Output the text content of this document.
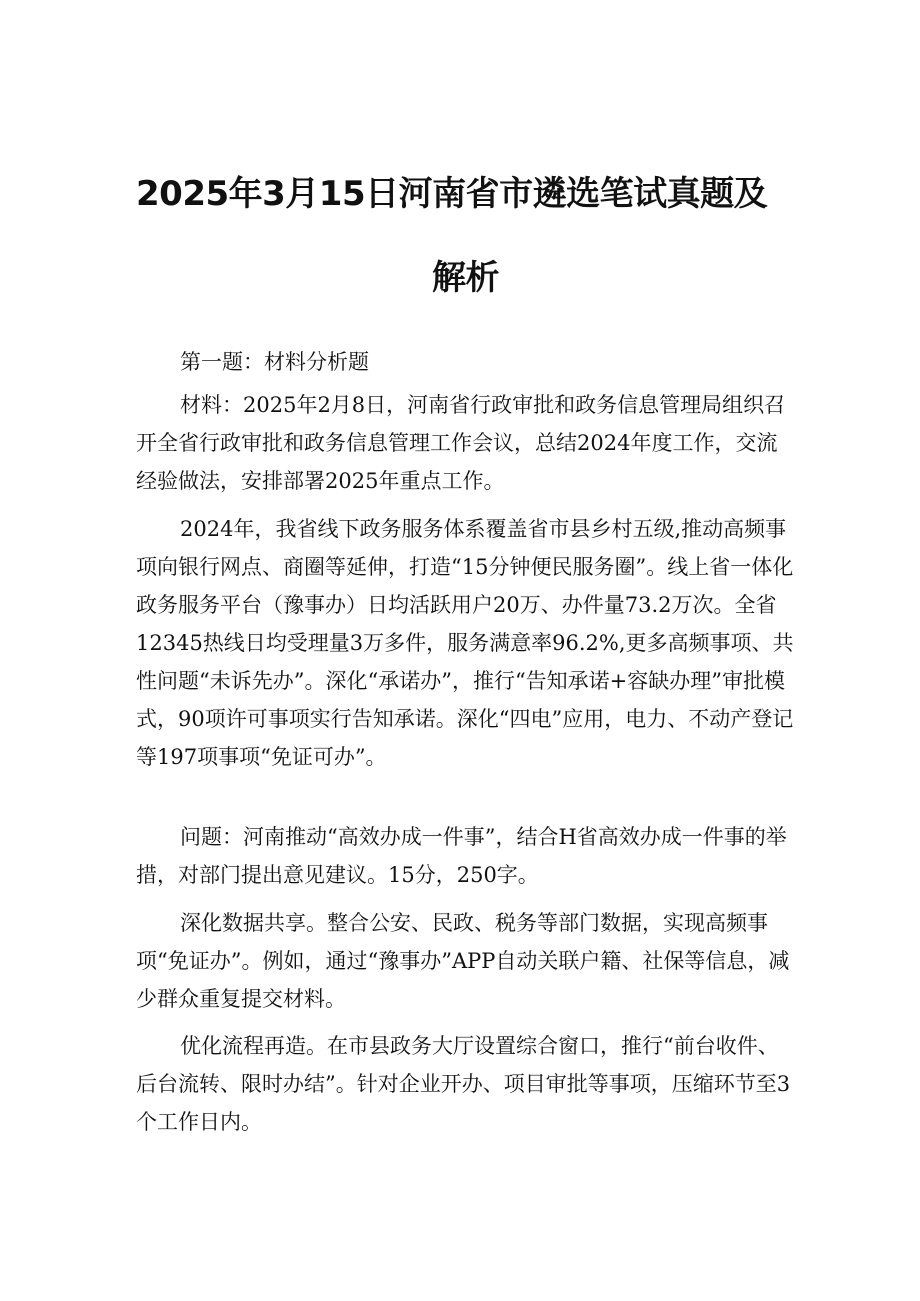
2025年3月15日河南省市遴选笔试真题及
解析

第一题：材料分析题

材料：2025年2月8日，河南省行政审批和政务信息管理局组织召开全省行政审批和政务信息管理工作会议，总结2024年度工作，交流经验做法，安排部署2025年重点工作。

2024年，我省线下政务服务体系覆盖省市县乡村五级,推动高频事项向银行网点、商圈等延伸，打造“15分钟便民服务圈”。线上省一体化政务服务平台（豫事办）日均活跃用户20万、办件量73.2万次。全省12345热线日均受理量3万多件，服务满意率96.2%,更多高频事项、共性问题“未诉先办”。深化“承诺办”，推行“告知承诺+容缺办理”审批模式，90项许可事项实行告知承诺。深化“四电”应用，电力、不动产登记等197项事项“免证可办”。

问题：河南推动“高效办成一件事”，结合H省高效办成一件事的举措，对部门提出意见建议。15分，250字。

深化数据共享。整合公安、民政、税务等部门数据，实现高频事项“免证办”。例如，通过“豫事办”APP自动关联户籍、社保等信息，减少群众重复提交材料。

优化流程再造。在市县政务大厅设置综合窗口，推行“前台收件、后台流转、限时办结”。针对企业开办、项目审批等事项，压缩环节至3个工作日内。
